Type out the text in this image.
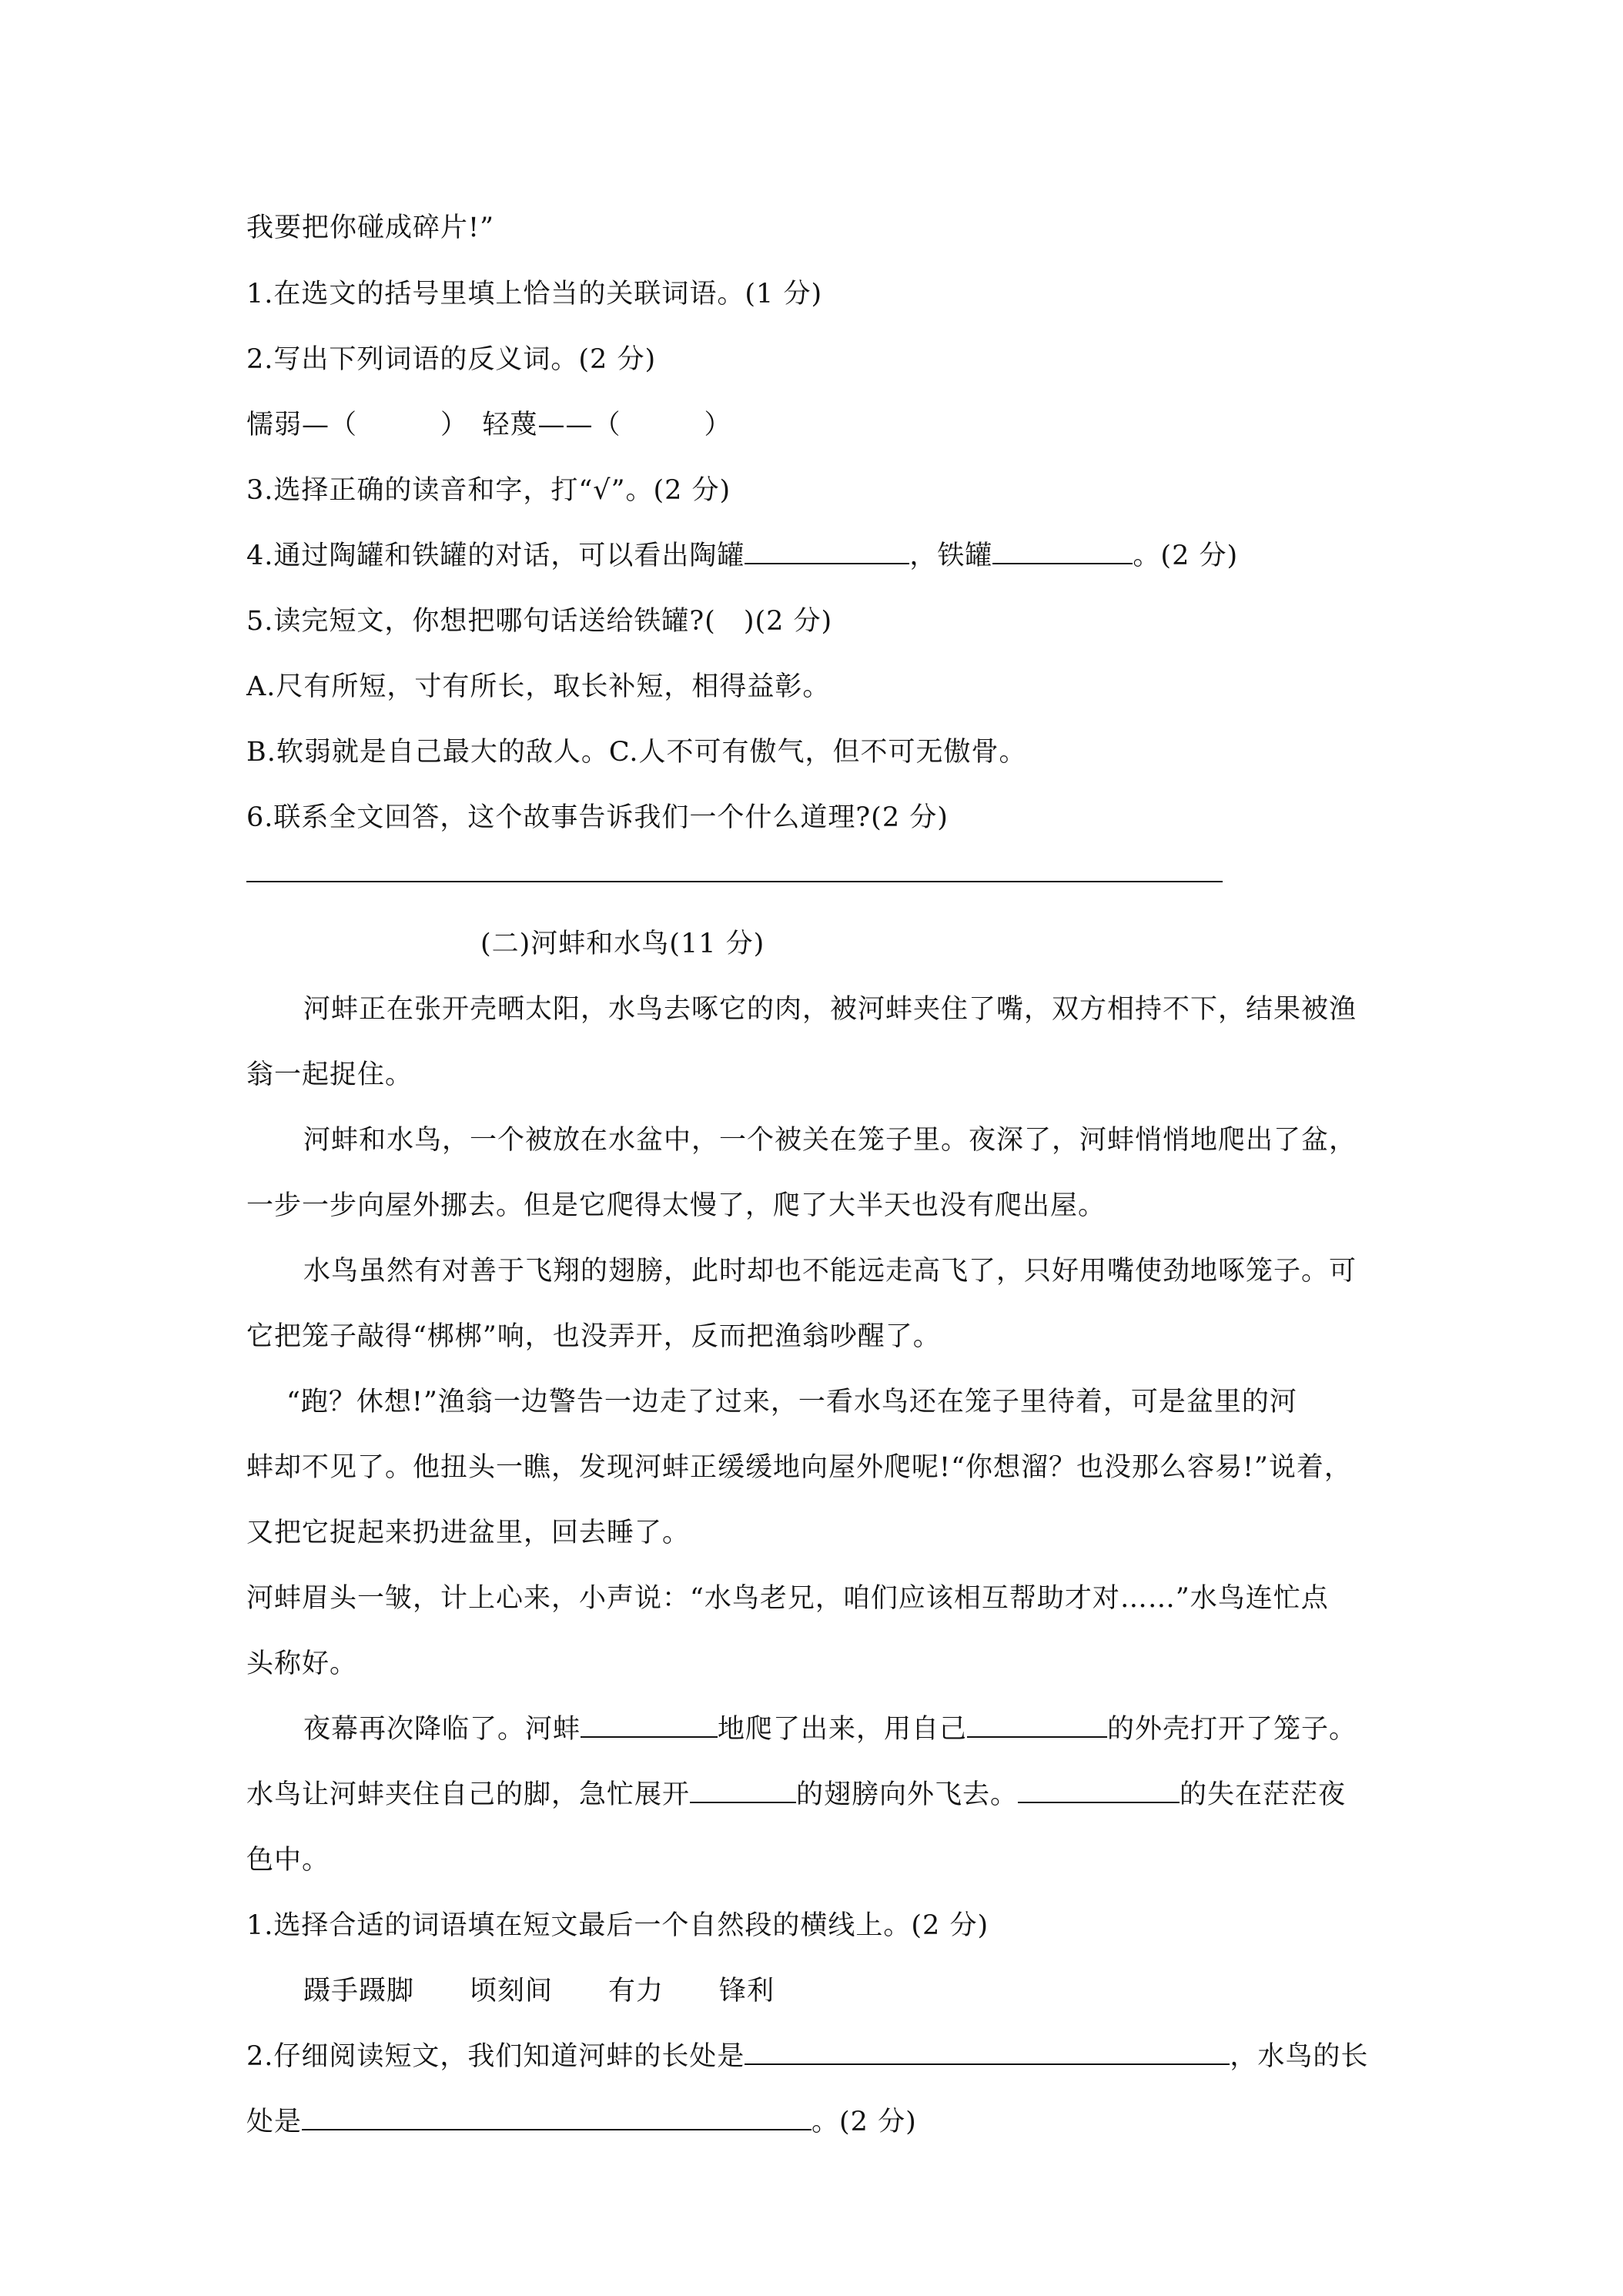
我要把你碰成碎片!”

1.在选文的括号里填上恰当的关联词语。(1 分)

2.写出下列词语的反义词。(2 分)

懦弱—（　　　）　轻蔑——（　　　）

3.选择正确的读音和字，打“√”。(2 分)

4.通过陶罐和铁罐的对话，可以看出陶罐	，铁罐	。(2 分)

5.读完短文，你想把哪句话送给铁罐?(　)(2 分)

A.尺有所短，寸有所长，取长补短，相得益彰。

B.软弱就是自己最大的敌人。C.人不可有傲气，但不可无傲骨。

6.联系全文回答，这个故事告诉我们一个什么道理?(2 分)

(二)河蚌和水鸟(11 分)

河蚌正在张开壳晒太阳，水鸟去啄它的肉，被河蚌夹住了嘴，双方相持不下，结果被渔

翁一起捉住。

河蚌和水鸟，一个被放在水盆中，一个被关在笼子里。夜深了，河蚌悄悄地爬出了盆，

一步一步向屋外挪去。但是它爬得太慢了，爬了大半天也没有爬出屋。

水鸟虽然有对善于飞翔的翅膀，此时却也不能远走高飞了，只好用嘴使劲地啄笼子。可

它把笼子敲得“梆梆”响，也没弄开，反而把渔翁吵醒了。

“跑？休想!”渔翁一边警告一边走了过来，一看水鸟还在笼子里待着，可是盆里的河

蚌却不见了。他扭头一瞧，发现河蚌正缓缓地向屋外爬呢!“你想溜？也没那么容易!”说着，

又把它捉起来扔进盆里，回去睡了。

河蚌眉头一皱，计上心来，小声说：“水鸟老兄，咱们应该相互帮助才对……”水鸟连忙点

头称好。

夜幕再次降临了。河蚌	地爬了出来，用自己	的外壳打开了笼子。

水鸟让河蚌夹住自己的脚，急忙展开	的翅膀向外飞去。	的失在茫茫夜

色中。

1.选择合适的词语填在短文最后一个自然段的横线上。(2 分)

蹑手蹑脚　　顷刻间　　有力　　锋利

2.仔细阅读短文，我们知道河蚌的长处是	，水鸟的长

处是	。(2 分)
